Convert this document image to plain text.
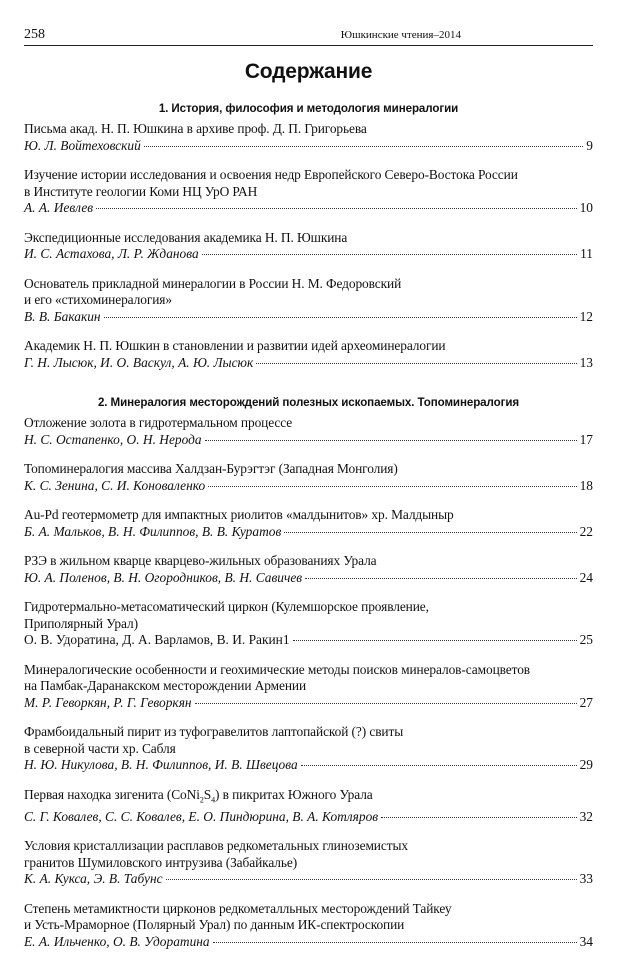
258	Юшкинские чтения–2014
Содержание
1. История, философия и методология минералогии
Письма акад. Н. П. Юшкина в архиве проф. Д. П. Григорьева
Ю. Л. Войтеховский	9
Изучение истории исследования и освоения недр Европейского Северо-Востока России
в Институте геологии Коми НЦ УрО РАН
А. А. Иевлев	10
Экспедиционные исследования академика Н. П. Юшкина
И. С. Астахова, Л. Р. Жданова	11
Основатель прикладной минералогии в России Н. М. Федоровский
и его «стихоминералогия»
В. В. Бакакин	12
Академик Н. П. Юшкин в становлении и развитии идей археоминералогии
Г. Н. Лысюк, И. О. Васкул, А. Ю. Лысюк	13
2. Минералогия месторождений полезных ископаемых. Топоминералогия
Отложение золота в гидротермальном процессе
Н. С. Остапенко, О. Н. Нерода	17
Топоминералогия массива Халдзан-Бурэгтэг (Западная Монголия)
К. С. Зенина, С. И. Коноваленко	18
Au-Pd геотермометр для импактных риолитов «малдынитов» хр. Малдыныр
Б. А. Мальков, В. Н. Филиппов, В. В. Куратов	22
РЗЭ в жильном кварце кварцево-жильных образованиях Урала
Ю. А. Поленов, В. Н. Огородников, В. Н. Савичев	24
Гидротермально-метасоматический циркон (Кулемшорское проявление,
Приполярный Урал)
О. В. Удоратина, Д. А. Варламов, В. И. Ракин1	25
Минералогические особенности и геохимические методы поисков минералов-самоцветов
на Памбак-Даранакском месторождении Армении
М. Р. Геворкян, Р. Г. Геворкян	27
Фрамбоидальный пирит из туфогравелитов лаптопайской (?) свиты
в северной части хр. Сабля
Н. Ю. Никулова, В. Н. Филиппов, И. В. Швецова	29
Первая находка зигенита $(CoNi_2S_4)$ в пикритах Южного Урала
С. Г. Ковалев, С. С. Ковалев, Е. О. Пиндюрина, В. А. Котляров	32
Условия кристаллизации расплавов редкометальных глиноземистых
гранитов Шумиловского интрузива (Забайкалье)
К. А. Кукса, Э. В. Табунс	33
Степень метамиктности цирконов редкометалльных месторождений Тайкеу
и Усть-Мраморное (Полярный Урал) по данным ИК-спектроскопии
Е. А. Ильченко, О. В. Удоратина	34
